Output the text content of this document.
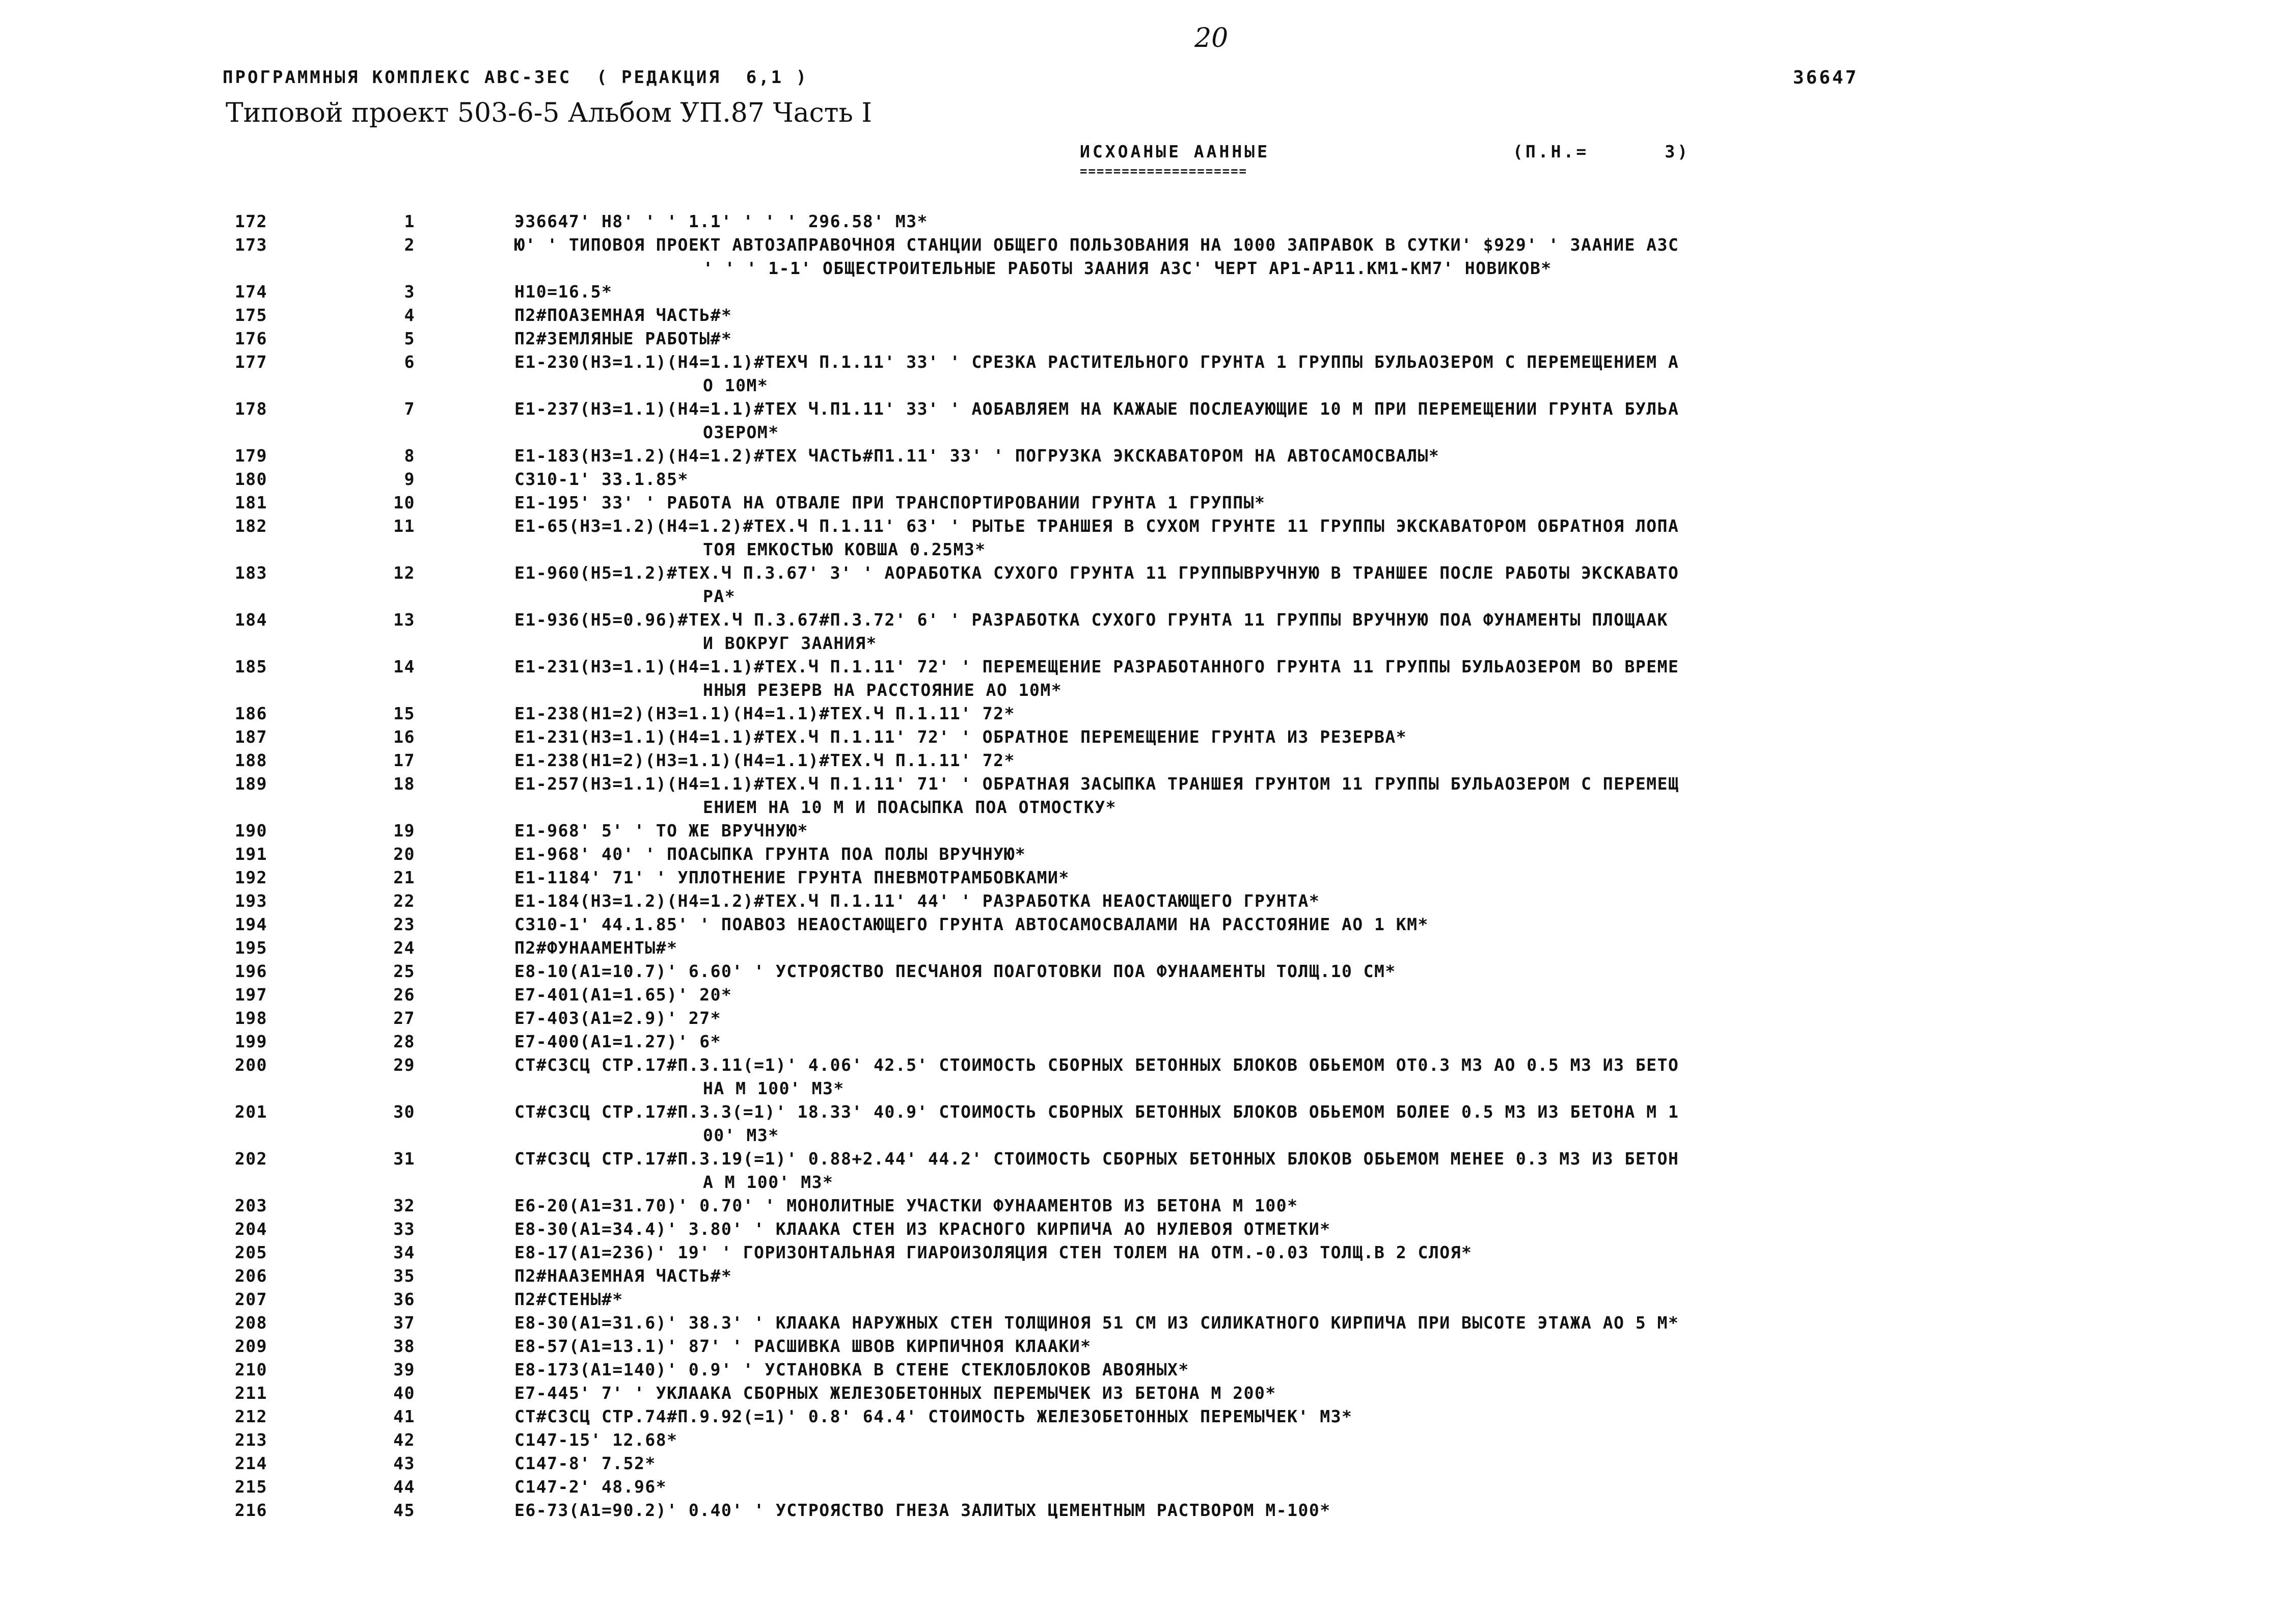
20
ПРОГРАММНЫЯ КОМПЛЕКС АВС-3ЕС  ( РЕДАКЦИЯ  6,1 )	36647
Типовой проект 503-6-5 Альбом УП.87 Часть I
ИСХОАНЫЕ ААННЫЕ	(П.Н.=      3)
====================
172	1	Э36647' Н8' ' ' 1.1' ' ' ' 296.58' МЗ*
173	2	Ю' ' ТИПОВОЯ ПРОЕКТ АВТОЗАПРАВОЧНОЯ СТАНЦИИ ОБЩЕГО ПОЛЬЗОВАНИЯ НА 1000 ЗАПРАВОК В СУТКИ' $929' ' ЗААНИЕ АЗС
' ' ' 1-1' ОБЩЕСТРОИТЕЛЬНЫЕ РАБОТЫ ЗААНИЯ АЗС' ЧЕРТ АР1-АР11.КМ1-КМ7' НОВИКОВ*
174	3	Н10=16.5*
175	4	П2#ПОАЗЕМНАЯ ЧАСТЬ#*
176	5	П2#ЗЕМЛЯНЫЕ РАБОТЫ#*
177	6	Е1-230(Н3=1.1)(Н4=1.1)#ТЕХЧ П.1.11' 33' ' СРЕЗКА РАСТИТЕЛЬНОГО ГРУНТА 1 ГРУППЫ БУЛЬАОЗЕРОМ С ПЕРЕМЕЩЕНИЕМ А
О 10М*
178	7	Е1-237(Н3=1.1)(Н4=1.1)#ТЕХ Ч.П1.11' 33' ' АОБАВЛЯЕМ НА КАЖАЫЕ ПОСЛЕАУЮЩИЕ 10 М ПРИ ПЕРЕМЕЩЕНИИ ГРУНТА БУЛЬА
ОЗЕРОМ*
179	8	Е1-183(Н3=1.2)(Н4=1.2)#ТЕХ ЧАСТЬ#П1.11' 33' ' ПОГРУЗКА ЭКСКАВАТОРОМ НА АВТОСАМОСВАЛЫ*
180	9	С310-1' 33.1.85*
181	10	Е1-195' 33' ' РАБОТА НА ОТВАЛЕ ПРИ ТРАНСПОРТИРОВАНИИ ГРУНТА 1 ГРУППЫ*
182	11	Е1-65(Н3=1.2)(Н4=1.2)#ТЕХ.Ч П.1.11' 63' ' РЫТЬЕ ТРАНШЕЯ В СУХОМ ГРУНТЕ 11 ГРУППЫ ЭКСКАВАТОРОМ ОБРАТНОЯ ЛОПА
ТОЯ ЕМКОСТЬЮ КОВША 0.25МЗ*
183	12	Е1-960(Н5=1.2)#ТЕХ.Ч П.3.67' 3' ' АОРАБОТКА СУХОГО ГРУНТА 11 ГРУППЫВРУЧНУЮ В ТРАНШЕЕ ПОСЛЕ РАБОТЫ ЭКСКАВАТО
РА*
184	13	Е1-936(Н5=0.96)#ТЕХ.Ч П.3.67#П.3.72' 6' ' РАЗРАБОТКА СУХОГО ГРУНТА 11 ГРУППЫ ВРУЧНУЮ ПОА ФУНАМЕНТЫ ПЛОЩААК
И ВОКРУГ ЗААНИЯ*
185	14	Е1-231(Н3=1.1)(Н4=1.1)#ТЕХ.Ч П.1.11' 72' ' ПЕРЕМЕЩЕНИЕ РАЗРАБОТАННОГО ГРУНТА 11 ГРУППЫ БУЛЬАОЗЕРОМ ВО ВРЕМЕ
ННЫЯ РЕЗЕРВ НА РАССТОЯНИЕ АО 10М*
186	15	Е1-238(Н1=2)(Н3=1.1)(Н4=1.1)#ТЕХ.Ч П.1.11' 72*
187	16	Е1-231(Н3=1.1)(Н4=1.1)#ТЕХ.Ч П.1.11' 72' ' ОБРАТНОЕ ПЕРЕМЕЩЕНИЕ ГРУНТА ИЗ РЕЗЕРВА*
188	17	Е1-238(Н1=2)(Н3=1.1)(Н4=1.1)#ТЕХ.Ч П.1.11' 72*
189	18	Е1-257(Н3=1.1)(Н4=1.1)#ТЕХ.Ч П.1.11' 71' ' ОБРАТНАЯ ЗАСЫПКА ТРАНШЕЯ ГРУНТОМ 11 ГРУППЫ БУЛЬАОЗЕРОМ С ПЕРЕМЕЩ
ЕНИЕМ НА 10 М И ПОАСЫПКА ПОА ОТМОСТКУ*
190	19	Е1-968' 5' ' ТО ЖЕ ВРУЧНУЮ*
191	20	Е1-968' 40' ' ПОАСЫПКА ГРУНТА ПОА ПОЛЫ ВРУЧНУЮ*
192	21	Е1-1184' 71' ' УПЛОТНЕНИЕ ГРУНТА ПНЕВМОТРАМБОВКАМИ*
193	22	Е1-184(Н3=1.2)(Н4=1.2)#ТЕХ.Ч П.1.11' 44' ' РАЗРАБОТКА НЕАОСТАЮЩЕГО ГРУНТА*
194	23	С310-1' 44.1.85' ' ПОАВОЗ НЕАОСТАЮЩЕГО ГРУНТА АВТОСАМОСВАЛАМИ НА РАССТОЯНИЕ АО 1 КМ*
195	24	П2#ФУНААМЕНТЫ#*
196	25	Е8-10(А1=10.7)' 6.60' ' УСТРОЯСТВО ПЕСЧАНОЯ ПОАГОТОВКИ ПОА ФУНААМЕНТЫ ТОЛЩ.10 СМ*
197	26	Е7-401(А1=1.65)' 20*
198	27	Е7-403(А1=2.9)' 27*
199	28	Е7-400(А1=1.27)' 6*
200	29	СТ#СЗСЦ СТР.17#П.3.11(=1)' 4.06' 42.5' СТОИМОСТЬ СБОРНЫХ БЕТОННЫХ БЛОКОВ ОБЬЕМОМ ОТ0.3 МЗ АО 0.5 МЗ ИЗ БЕТО
НА М 100' МЗ*
201	30	СТ#СЗСЦ СТР.17#П.3.3(=1)' 18.33' 40.9' СТОИМОСТЬ СБОРНЫХ БЕТОННЫХ БЛОКОВ ОБЬЕМОМ БОЛЕЕ 0.5 МЗ ИЗ БЕТОНА М 1
00' МЗ*
202	31	СТ#СЗСЦ СТР.17#П.3.19(=1)' 0.88+2.44' 44.2' СТОИМОСТЬ СБОРНЫХ БЕТОННЫХ БЛОКОВ ОБЬЕМОМ МЕНЕЕ 0.3 МЗ ИЗ БЕТОН
А М 100' МЗ*
203	32	Е6-20(А1=31.70)' 0.70' ' МОНОЛИТНЫЕ УЧАСТКИ ФУНААМЕНТОВ ИЗ БЕТОНА М 100*
204	33	Е8-30(А1=34.4)' 3.80' ' КЛААКА СТЕН ИЗ КРАСНОГО КИРПИЧА АО НУЛЕВОЯ ОТМЕТКИ*
205	34	Е8-17(А1=236)' 19' ' ГОРИЗОНТАЛЬНАЯ ГИАРОИЗОЛЯЦИЯ СТЕН ТОЛЕМ НА ОТМ.-0.03 ТОЛЩ.В 2 СЛОЯ*
206	35	П2#НААЗЕМНАЯ ЧАСТЬ#*
207	36	П2#СТЕНЫ#*
208	37	Е8-30(А1=31.6)' 38.3' ' КЛААКА НАРУЖНЫХ СТЕН ТОЛЩИНОЯ 51 СМ ИЗ СИЛИКАТНОГО КИРПИЧА ПРИ ВЫСОТЕ ЭТАЖА АО 5 М*
209	38	Е8-57(А1=13.1)' 87' ' РАСШИВКА ШВОВ КИРПИЧНОЯ КЛААКИ*
210	39	Е8-173(А1=140)' 0.9' ' УСТАНОВКА В СТЕНЕ СТЕКЛОБЛОКОВ АВОЯНЫХ*
211	40	Е7-445' 7' ' УКЛААКА СБОРНЫХ ЖЕЛЕЗОБЕТОННЫХ ПЕРЕМЫЧЕК ИЗ БЕТОНА М 200*
212	41	СТ#СЗСЦ СТР.74#П.9.92(=1)' 0.8' 64.4' СТОИМОСТЬ ЖЕЛЕЗОБЕТОННЫХ ПЕРЕМЫЧЕК' МЗ*
213	42	С147-15' 12.68*
214	43	С147-8' 7.52*
215	44	С147-2' 48.96*
216	45	Е6-73(А1=90.2)' 0.40' ' УСТРОЯСТВО ГНЕЗА ЗАЛИТЫХ ЦЕМЕНТНЫМ РАСТВОРОМ М-100*
